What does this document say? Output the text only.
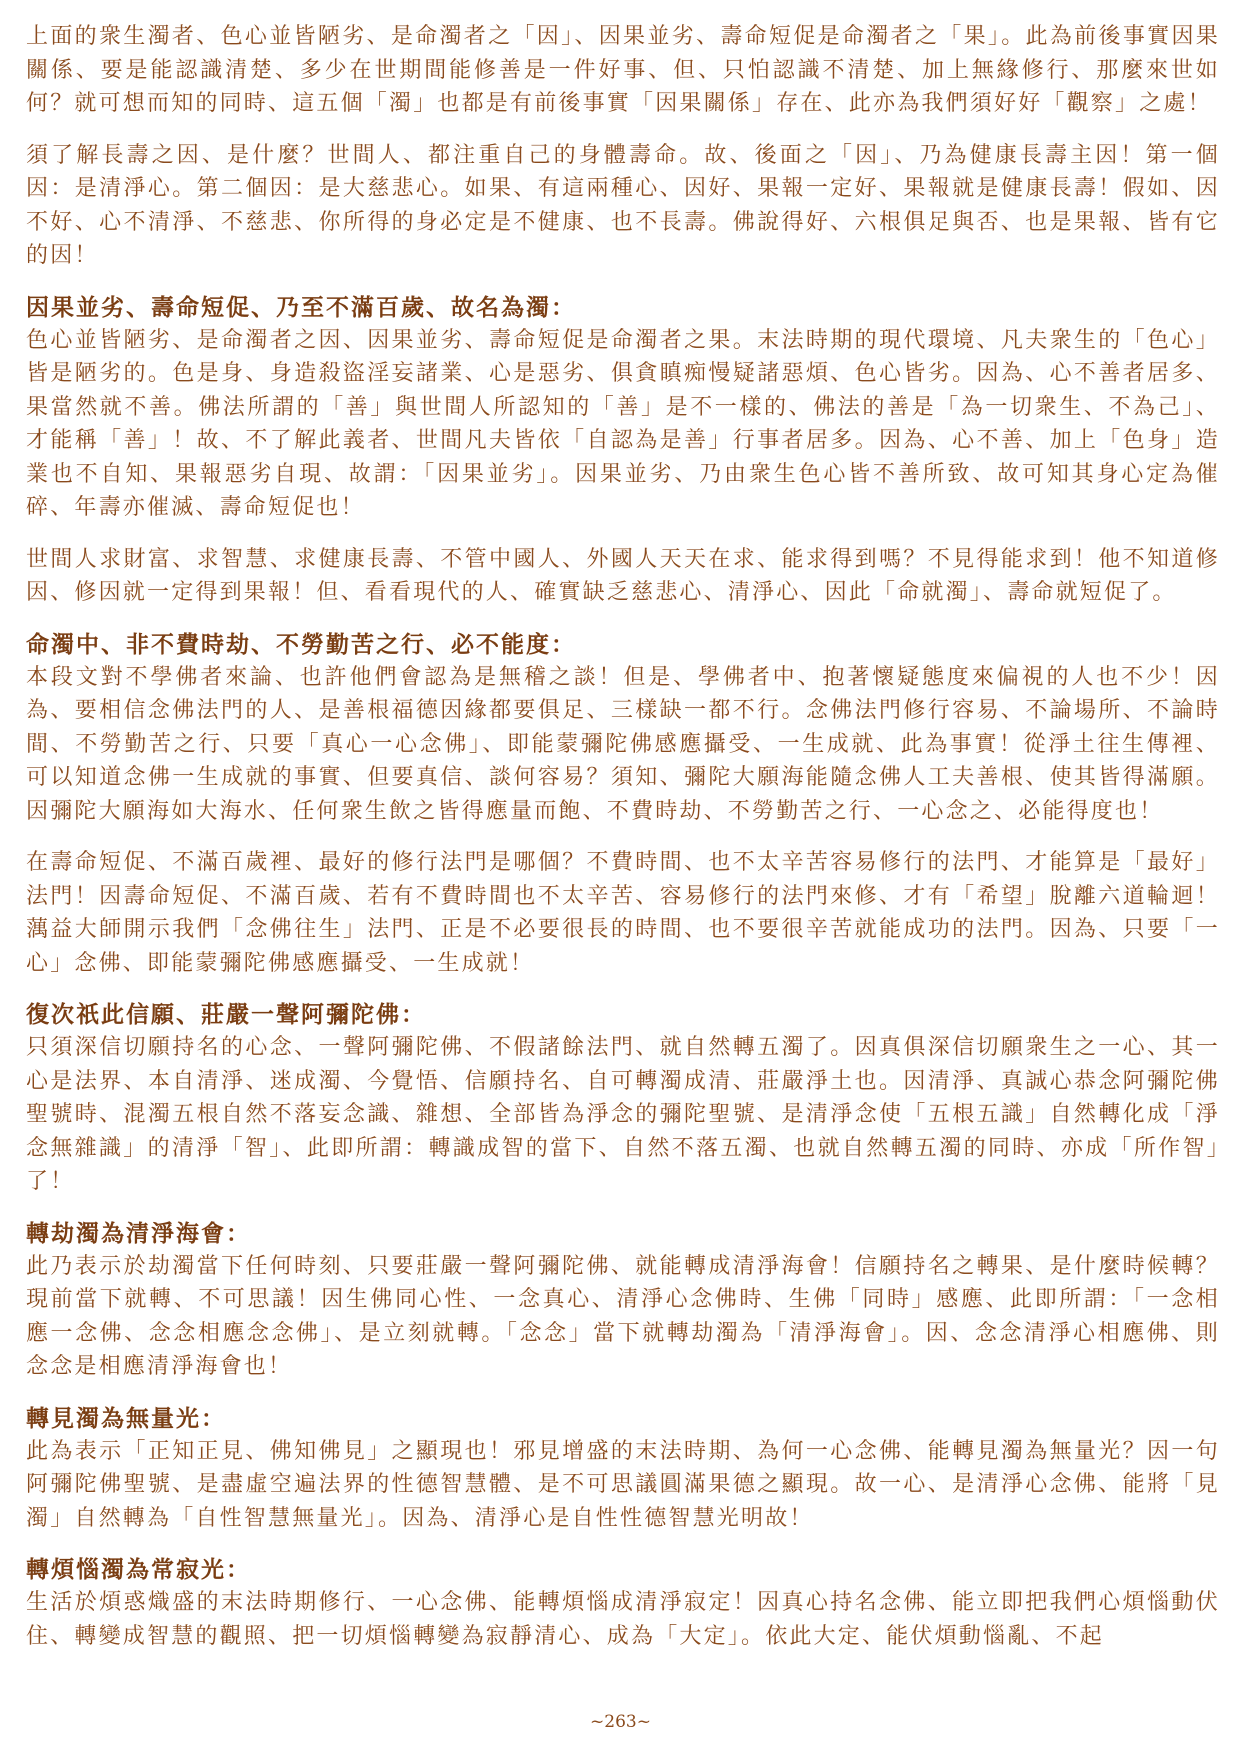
上面的衆生濁者、色心並皆陋劣、是命濁者之「因」、因果並劣、壽命短促是命濁者之「果」。此為前後事實因果關係、要是能認識清楚、多少在世期間能修善是一件好事、但、只怕認識不清楚、加上無緣修行、那麼來世如何？就可想而知的同時、這五個「濁」也都是有前後事實「因果關係」存在、此亦為我們須好好「觀察」之處！

須了解長壽之因、是什麼？世間人、都注重自己的身體壽命。故、後面之「因」、乃為健康長壽主因！第一個因：是清淨心。第二個因：是大慈悲心。如果、有這兩種心、因好、果報一定好、果報就是健康長壽！假如、因不好、心不清淨、不慈悲、你所得的身必定是不健康、也不長壽。佛說得好、六根俱足與否、也是果報、皆有它的因！

因果並劣、壽命短促、乃至不滿百歲、故名為濁：

色心並皆陋劣、是命濁者之因、因果並劣、壽命短促是命濁者之果。末法時期的現代環境、凡夫衆生的「色心」皆是陋劣的。色是身、身造殺盜淫妄諸業、心是惡劣、俱貪瞋痴慢疑諸惡煩、色心皆劣。因為、心不善者居多、果當然就不善。佛法所謂的「善」與世間人所認知的「善」是不一樣的、佛法的善是「為一切衆生、不為己」、才能稱「善」！故、不了解此義者、世間凡夫皆依「自認為是善」行事者居多。因為、心不善、加上「色身」造業也不自知、果報惡劣自現、故謂：「因果並劣」。因果並劣、乃由衆生色心皆不善所致、故可知其身心定為催碎、年壽亦催滅、壽命短促也！

世間人求財富、求智慧、求健康長壽、不管中國人、外國人天天在求、能求得到嗎？不見得能求到！他不知道修因、修因就一定得到果報！但、看看現代的人、確實缺乏慈悲心、清淨心、因此「命就濁」、壽命就短促了。

命濁中、非不費時劫、不勞勤苦之行、必不能度：

本段文對不學佛者來論、也許他們會認為是無稽之談！但是、學佛者中、抱著懷疑態度來偏視的人也不少！因為、要相信念佛法門的人、是善根福德因緣都要俱足、三樣缺一都不行。念佛法門修行容易、不論場所、不論時間、不勞勤苦之行、只要「真心一心念佛」、即能蒙彌陀佛感應攝受、一生成就、此為事實！從淨土往生傳裡、可以知道念佛一生成就的事實、但要真信、談何容易？須知、彌陀大願海能隨念佛人工夫善根、使其皆得滿願。因彌陀大願海如大海水、任何衆生飲之皆得應量而飽、不費時劫、不勞勤苦之行、一心念之、必能得度也！

在壽命短促、不滿百歲裡、最好的修行法門是哪個？不費時間、也不太辛苦容易修行的法門、才能算是「最好」法門！因壽命短促、不滿百歲、若有不費時間也不太辛苦、容易修行的法門來修、才有「希望」脫離六道輪迴！蕅益大師開示我們「念佛往生」法門、正是不必要很長的時間、也不要很辛苦就能成功的法門。因為、只要「一心」念佛、即能蒙彌陀佛感應攝受、一生成就！

復次祇此信願、莊嚴一聲阿彌陀佛：

只須深信切願持名的心念、一聲阿彌陀佛、不假諸餘法門、就自然轉五濁了。因真俱深信切願衆生之一心、其一心是法界、本自清淨、迷成濁、今覺悟、信願持名、自可轉濁成清、莊嚴淨土也。因清淨、真誠心恭念阿彌陀佛聖號時、混濁五根自然不落妄念識、雜想、全部皆為淨念的彌陀聖號、是清淨念使「五根五識」自然轉化成「淨念無雜識」的清淨「智」、此即所謂：轉識成智的當下、自然不落五濁、也就自然轉五濁的同時、亦成「所作智」了！

轉劫濁為清淨海會：

此乃表示於劫濁當下任何時刻、只要莊嚴一聲阿彌陀佛、就能轉成清淨海會！信願持名之轉果、是什麼時候轉？現前當下就轉、不可思議！因生佛同心性、一念真心、清淨心念佛時、生佛「同時」感應、此即所謂：「一念相應一念佛、念念相應念念佛」、是立刻就轉。「念念」當下就轉劫濁為「清淨海會」。因、念念清淨心相應佛、則念念是相應清淨海會也！

轉見濁為無量光：

此為表示「正知正見、佛知佛見」之顯現也！邪見增盛的末法時期、為何一心念佛、能轉見濁為無量光？因一句阿彌陀佛聖號、是盡虛空遍法界的性德智慧體、是不可思議圓滿果德之顯現。故一心、是清淨心念佛、能將「見濁」自然轉為「自性智慧無量光」。因為、清淨心是自性性德智慧光明故！

轉煩惱濁為常寂光：

生活於煩惑熾盛的末法時期修行、一心念佛、能轉煩惱成清淨寂定！因真心持名念佛、能立即把我們心煩惱動伏住、轉變成智慧的觀照、把一切煩惱轉變為寂靜清心、成為「大定」。依此大定、能伏煩動惱亂、不起

~263~
